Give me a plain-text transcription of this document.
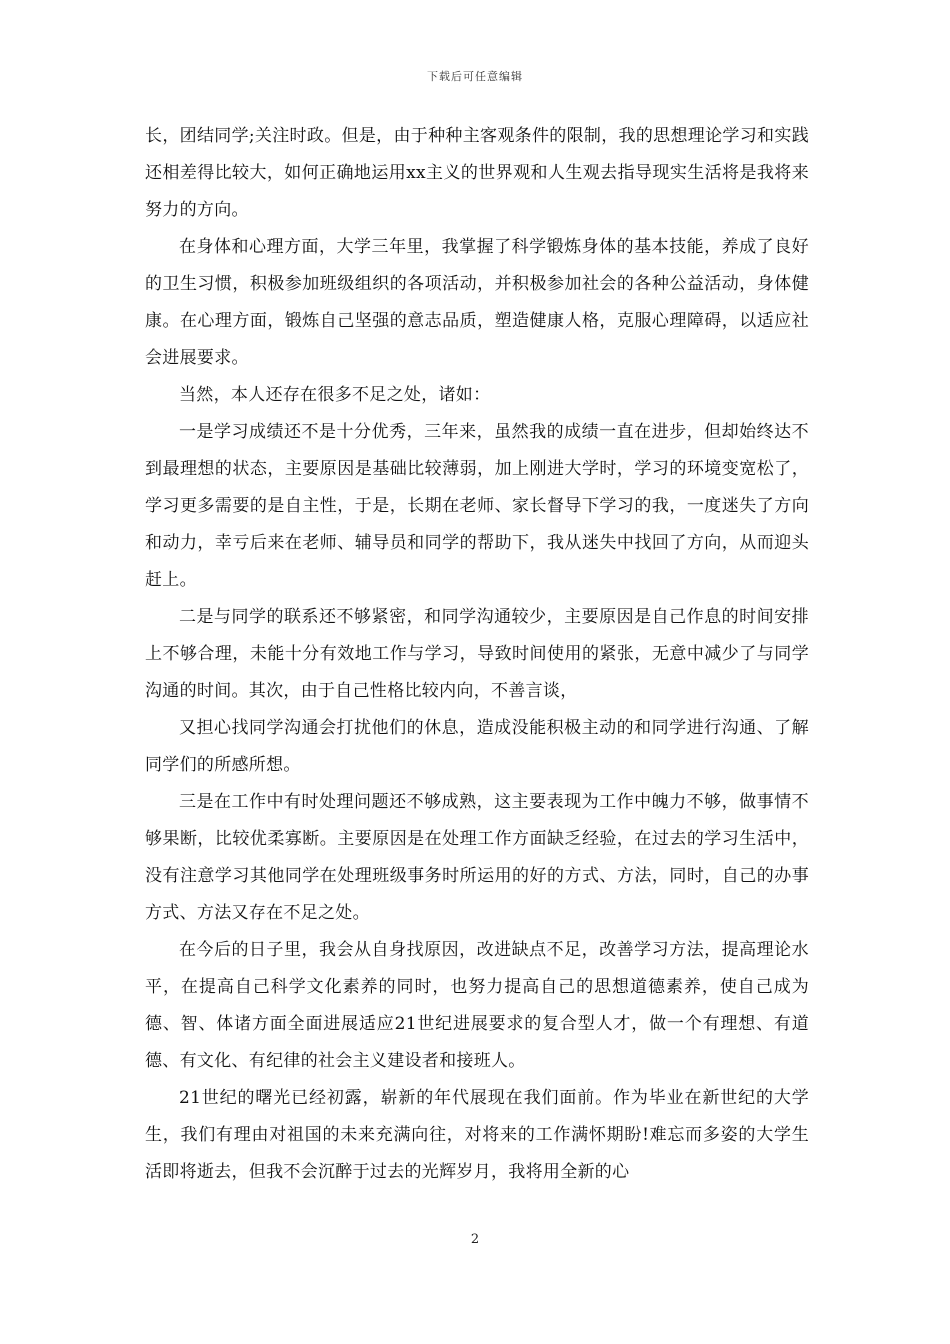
下载后可任意编辑

长，团结同学;关注时政。但是，由于种种主客观条件的限制，我的思想理论学习和实践还相差得比较大，如何正确地运用xx主义的世界观和人生观去指导现实生活将是我将来努力的方向。

在身体和心理方面，大学三年里，我掌握了科学锻炼身体的基本技能，养成了良好的卫生习惯，积极参加班级组织的各项活动，并积极参加社会的各种公益活动，身体健康。在心理方面，锻炼自己坚强的意志品质，塑造健康人格，克服心理障碍，以适应社会进展要求。

当然，本人还存在很多不足之处，诸如：

一是学习成绩还不是十分优秀，三年来，虽然我的成绩一直在进步，但却始终达不到最理想的状态，主要原因是基础比较薄弱，加上刚进大学时，学习的环境变宽松了，学习更多需要的是自主性，于是，长期在老师、家长督导下学习的我，一度迷失了方向和动力，幸亏后来在老师、辅导员和同学的帮助下，我从迷失中找回了方向，从而迎头赶上。

二是与同学的联系还不够紧密，和同学沟通较少，主要原因是自己作息的时间安排上不够合理，未能十分有效地工作与学习，导致时间使用的紧张，无意中减少了与同学沟通的时间。其次，由于自己性格比较内向，不善言谈，

又担心找同学沟通会打扰他们的休息，造成没能积极主动的和同学进行沟通、了解同学们的所感所想。

三是在工作中有时处理问题还不够成熟，这主要表现为工作中魄力不够，做事情不够果断，比较优柔寡断。主要原因是在处理工作方面缺乏经验，在过去的学习生活中，没有注意学习其他同学在处理班级事务时所运用的好的方式、方法，同时，自己的办事方式、方法又存在不足之处。

在今后的日子里，我会从自身找原因，改进缺点不足，改善学习方法，提高理论水平，在提高自己科学文化素养的同时，也努力提高自己的思想道德素养，使自己成为德、智、体诸方面全面进展适应21世纪进展要求的复合型人才，做一个有理想、有道德、有文化、有纪律的社会主义建设者和接班人。

21世纪的曙光已经初露，崭新的年代展现在我们面前。作为毕业在新世纪的大学生，我们有理由对祖国的未来充满向往，对将来的工作满怀期盼!难忘而多姿的大学生活即将逝去，但我不会沉醉于过去的光辉岁月，我将用全新的心

2
